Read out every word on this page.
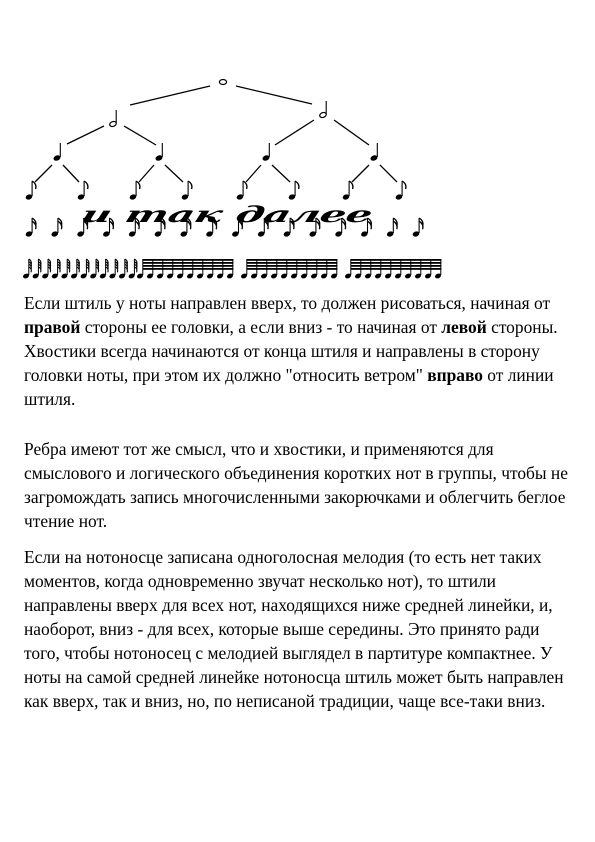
и так далее

Если штиль у ноты направлен вверх, то должен рисоваться, начиная от правой стороны ее головки, а если вниз - то начиная от левой стороны. Хвостики всегда начинаются от конца штиля и направлены в сторону головки ноты, при этом их должно "относить ветром" вправо от линии штиля.

Ребра имеют тот же смысл, что и хвостики, и применяются для смыслового и логического объединения коротких нот в группы, чтобы не загромождать запись многочисленными закорючками и облегчить беглое чтение нот.

Если на нотоносце записана одноголосная мелодия (то есть нет таких моментов, когда одновременно звучат несколько нот), то штили направлены вверх для всех нот, находящихся ниже средней линейки, и, наоборот, вниз - для всех, которые выше середины. Это принято ради того, чтобы нотоносец с мелодией выглядел в партитуре компактнее. У ноты на самой средней линейке нотоносца штиль может быть направлен как вверх, так и вниз, но, по неписаной традиции, чаще все-таки вниз.
